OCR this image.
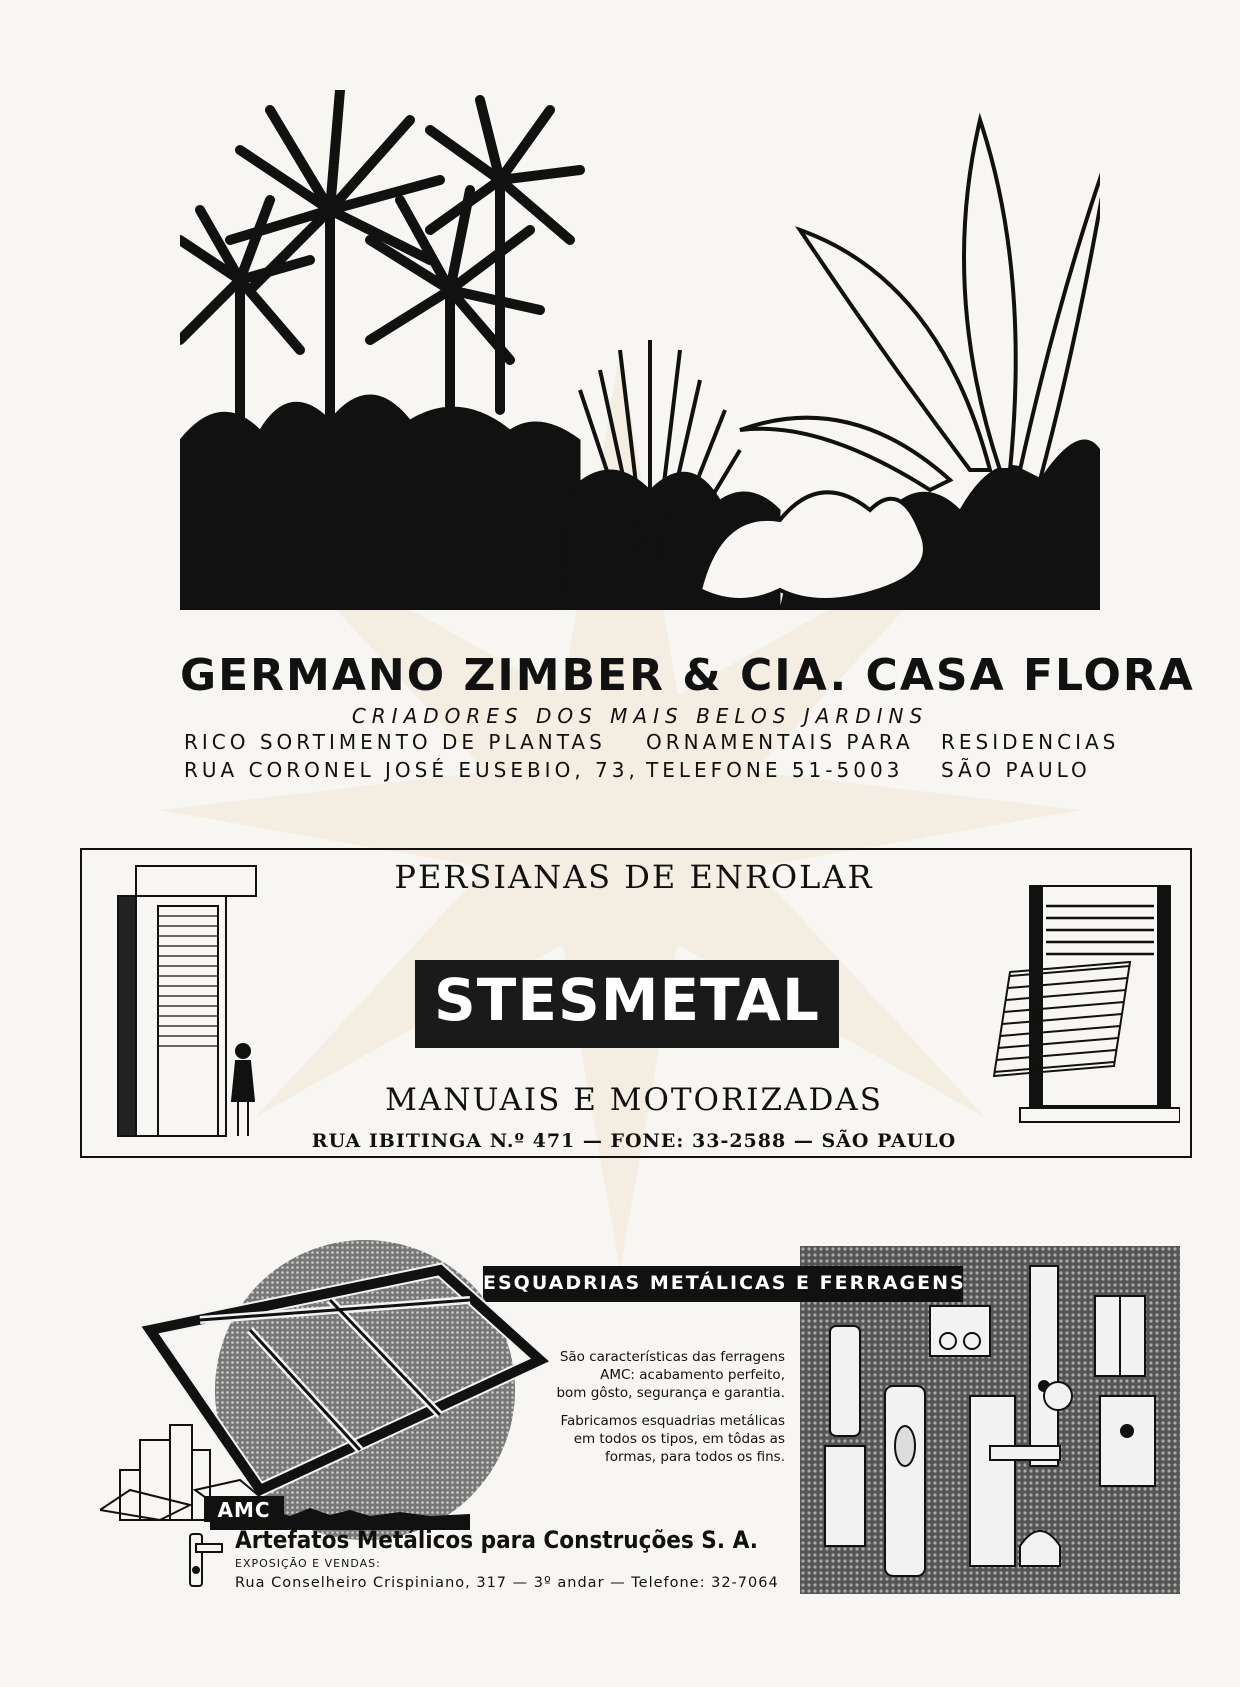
GERMANO ZIMBER & CIA. CASA FLORA
CRIADORES DOS MAIS BELOS JARDINS
RICO SORTIMENTO DE PLANTAS ORNAMENTAIS PARA RESIDENCIAS
RUA CORONEL JOSÉ EUSEBIO, 73, TELEFONE 51-5003 SÃO PAULO
PERSIANAS DE ENROLAR
STESMETAL
MANUAIS E MOTORIZADAS
RUA IBITINGA N.º 471 — FONE: 33-2588 — SÃO PAULO
ESQUADRIAS METÁLICAS E FERRAGENS
São características das ferragens
AMC: acabamento perfeito,
bom gôsto, segurança e garantia.
Fabricamos esquadrias metálicas
em todos os tipos, em tôdas as
formas, para todos os fins.
AMC
Artefatos Metálicos para Construções S. A.
EXPOSIÇÃO E VENDAS:
Rua Conselheiro Crispiniano, 317 — 3º andar — Telefone: 32-7064
